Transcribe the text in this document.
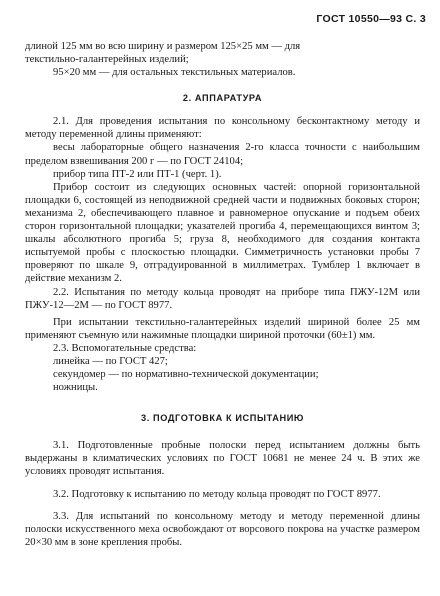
ГОСТ 10550—93 С. 3

длиной 125 мм во всю ширину и размером 125×25 мм — для

текстильно-галантерейных изделий;

95×20 мм — для остальных текстильных материалов.

2. АППАРАТУРА

2.1. Для проведения испытания по консольному бесконтактному методу и методу переменной длины применяют:

весы лабораторные общего назначения 2-го класса точности с наибольшим пределом взвешивания 200 г — по ГОСТ 24104;

прибор типа ПТ-2 или ПТ-1 (черт. 1).

Прибор состоит из следующих основных частей: опорной горизонтальной площадки 6, состоящей из неподвижной средней части и подвижных боковых сторон; механизма 2, обеспечивающего плавное и равномерное опускание и подъем обеих сторон горизонтальной площадки; указателей прогиба 4, перемещающихся винтом 3; шкалы абсолютного прогиба 5; груза 8, необходимого для создания контакта испытуемой пробы с плоскостью площадки. Симметричность установки пробы 7 проверяют по шкале 9, отградуированной в миллиметрах. Тумблер 1 включает в действие механизм 2.

2.2. Испытания по методу кольца проводят на приборе типа ПЖУ-12М или ПЖУ-12—2М — по ГОСТ 8977.

При испытании текстильно-галантерейных изделий шириной более 25 мм применяют съемную или нажимные площадки шириной проточки (60±1) мм.

2.3. Вспомогательные средства:

линейка — по ГОСТ 427;

секундомер — по нормативно-технической документации;

ножницы.

3. ПОДГОТОВКА К ИСПЫТАНИЮ

3.1. Подготовленные пробные полоски перед испытанием должны быть выдержаны в климатических условиях по ГОСТ 10681 не менее 24 ч. В этих же условиях проводят испытания.

3.2. Подготовку к испытанию по методу кольца проводят по ГОСТ 8977.

3.3. Для испытаний по консольному методу и методу переменной длины полоски искусственного меха освобождают от ворсового покрова на участке размером 20×30 мм в зоне крепления пробы.
